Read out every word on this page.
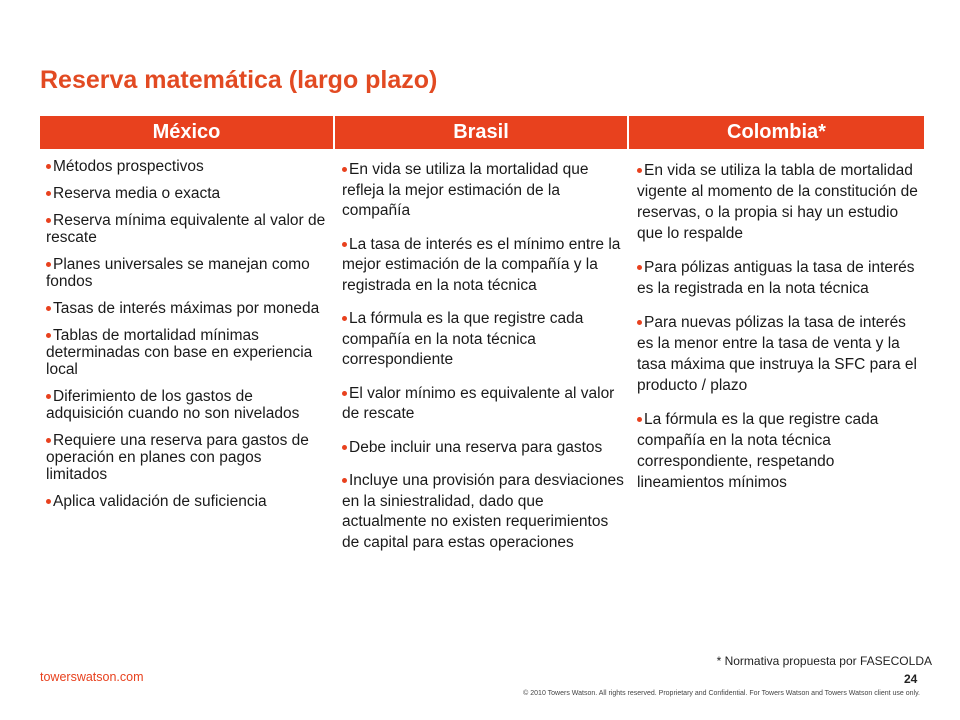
Reserva matemática (largo plazo)
México	Brasil	Colombia*
Métodos prospectivos
Reserva media o exacta
Reserva mínima equivalente al valor de rescate
Planes universales se manejan como fondos
Tasas de interés máximas por moneda
Tablas de mortalidad mínimas determinadas con base en experiencia local
Diferimiento de los gastos de adquisición cuando no son nivelados
Requiere una reserva para gastos de operación en planes con pagos limitados
Aplica validación de suficiencia
En vida se utiliza la mortalidad que refleja la mejor estimación de la compañía
La tasa de interés es el mínimo entre la mejor estimación de la compañía y la registrada en la nota técnica
La fórmula es la que registre cada compañía en la nota técnica correspondiente
El valor mínimo es equivalente al valor de rescate
Debe incluir una reserva para gastos
Incluye una provisión para desviaciones en la siniestralidad, dado que actualmente no existen requerimientos de capital para estas operaciones
En vida se utiliza la tabla de mortalidad vigente al momento de la constitución de reservas, o la propia si hay un estudio que lo respalde
Para pólizas antiguas la tasa de interés es la registrada en la nota técnica
Para nuevas pólizas la tasa de interés es la menor entre la tasa de venta y la tasa máxima que instruya la SFC para el producto / plazo
La fórmula es la que registre cada compañía en la nota técnica correspondiente, respetando lineamientos mínimos
* Normativa propuesta por FASECOLDA
24
towerswatson.com
© 2010 Towers Watson. All rights reserved. Proprietary and Confidential. For Towers Watson and Towers Watson client use only.
